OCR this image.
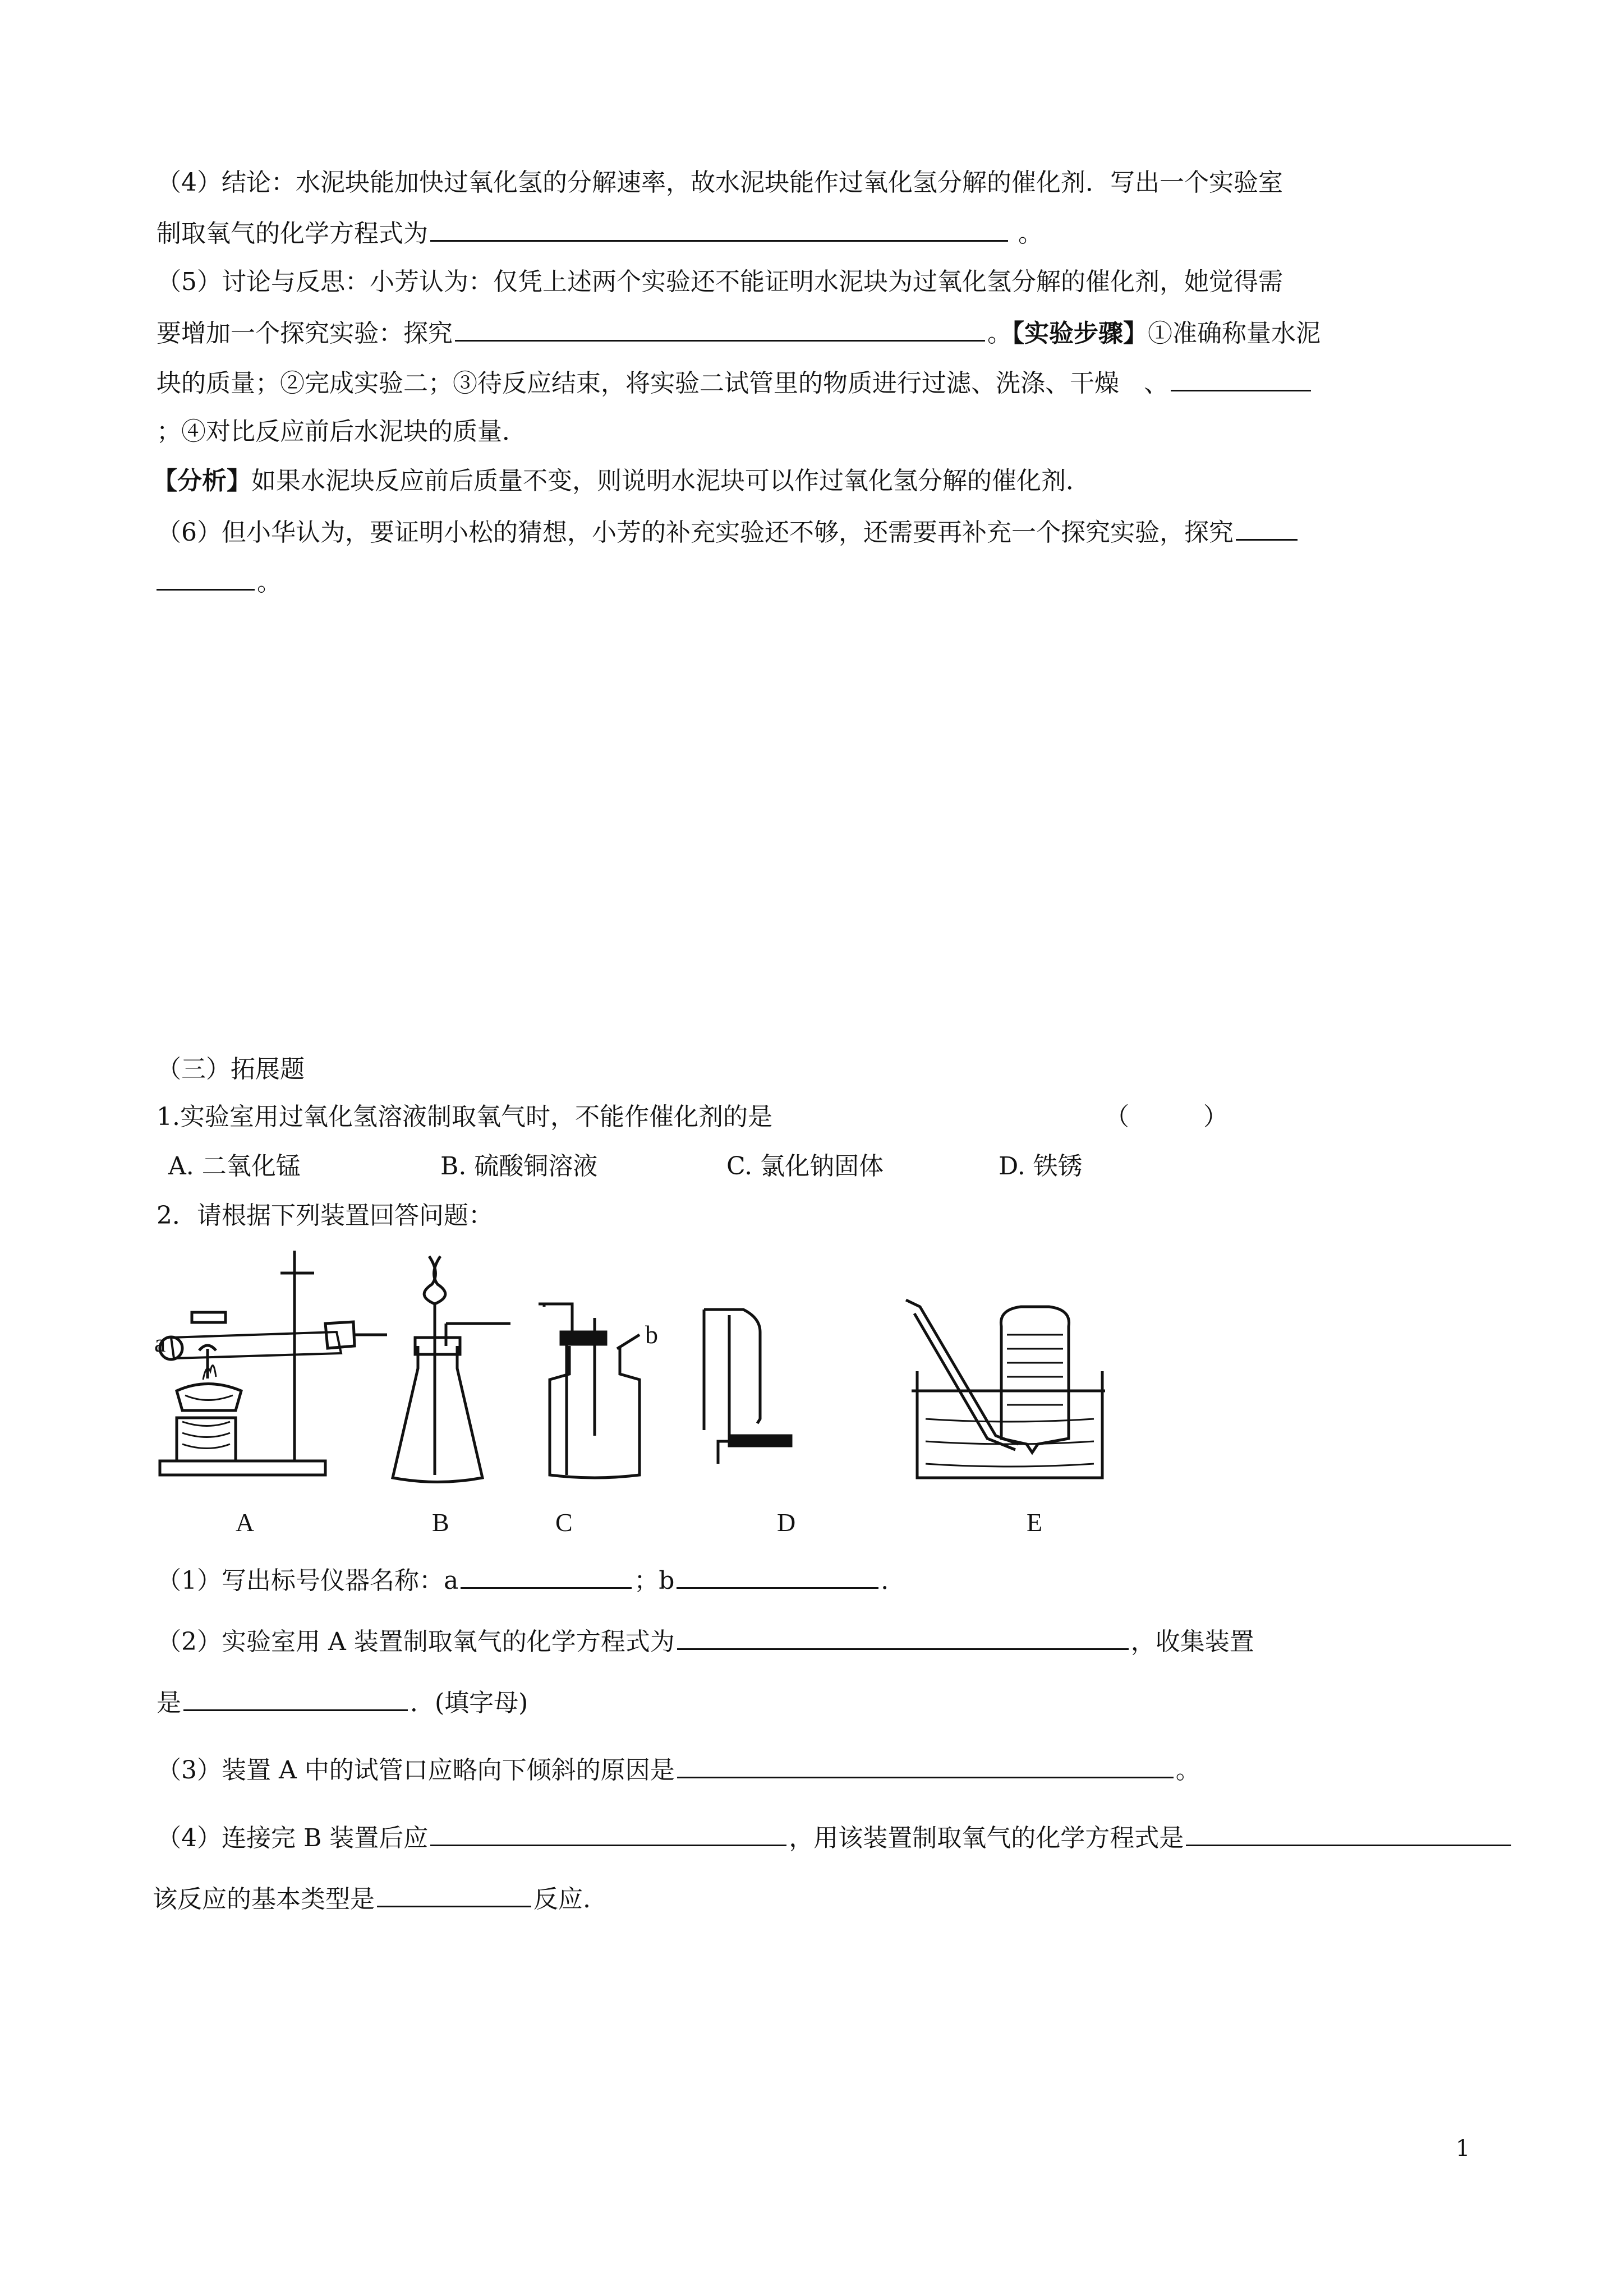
（4）结论：水泥块能加快过氧化氢的分解速率，故水泥块能作过氧化氢分解的催化剂．写出一个实验室
制取氧气的化学方程式为	。
（5）讨论与反思：小芳认为：仅凭上述两个实验还不能证明水泥块为过氧化氢分解的催化剂，她觉得需
要增加一个探究实验：探究	。【实验步骤】①准确称量水泥
块的质量；②完成实验二；③待反应结束，将实验二试管里的物质进行过滤、洗涤、干燥　、
；④对比反应前后水泥块的质量．
【分析】如果水泥块反应前后质量不变，则说明水泥块可以作过氧化氢分解的催化剂．
（6）但小华认为，要证明小松的猜想，小芳的补充实验还不够，还需要再补充一个探究实验，探究
。
（三）拓展题
1.实验室用过氧化氢溶液制取氧气时，不能作催化剂的是	（　　　）
A. 二氧化锰	B. 硫酸铜溶液	C. 氯化钠固体	D. 铁锈
2．请根据下列装置回答问题：
a
A	B
b
C	D	E
（1）写出标号仪器名称：a	；b	．
（2）实验室用 A 装置制取氧气的化学方程式为	，收集装置
是	．(填字母)
（3）装置 A 中的试管口应略向下倾斜的原因是	。
（4）连接完 B 装置后应	，用该装置制取氧气的化学方程式是
该反应的基本类型是	反应.
1
